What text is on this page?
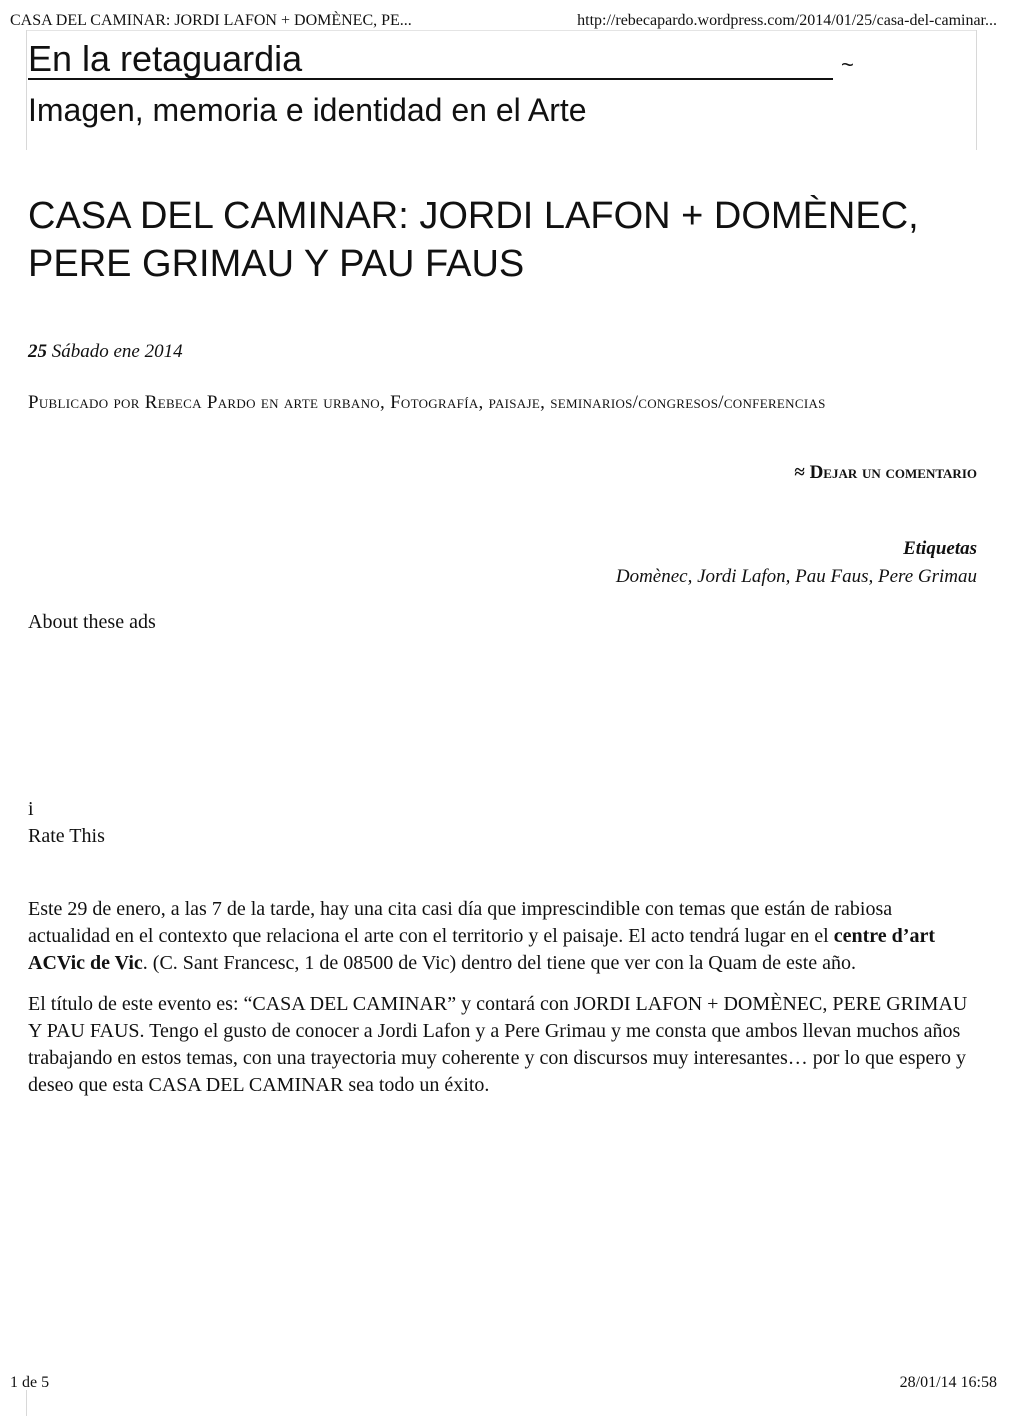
CASA DEL CAMINAR: JORDI LAFON + DOMÈNEC, PE...	http://rebecapardo.wordpress.com/2014/01/25/casa-del-caminar...
En la retaguardia	~
Imagen, memoria e identidad en el Arte
CASA DEL CAMINAR: JORDI LAFON + DOMÈNEC, PERE GRIMAU Y PAU FAUS
25 Sábado ene 2014
Publicado por Rebeca Pardo en arte urbano, Fotografía, paisaje, seminarios/congresos/conferencias
≈ Dejar un comentario
Etiquetas
Domènec, Jordi Lafon, Pau Faus, Pere Grimau
About these ads
i
Rate This

Este 29 de enero, a las 7 de la tarde, hay una cita casi día que imprescindible con temas que están de rabiosa actualidad en el contexto que relaciona el arte con el territorio y el paisaje. El acto tendrá lugar en el centre d’art ACVic de Vic. (C. Sant Francesc, 1 de 08500 de Vic) dentro del tiene que ver con la Quam de este año.

El título de este evento es: “CASA DEL CAMINAR” y contará con JORDI LAFON + DOMÈNEC, PERE GRIMAU Y PAU FAUS. Tengo el gusto de conocer a Jordi Lafon y a Pere Grimau y me consta que ambos llevan muchos años trabajando en estos temas, con una trayectoria muy coherente y con discursos muy interesantes… por lo que espero y deseo que esta CASA DEL CAMINAR sea todo un éxito.

1 de 5	28/01/14 16:58
